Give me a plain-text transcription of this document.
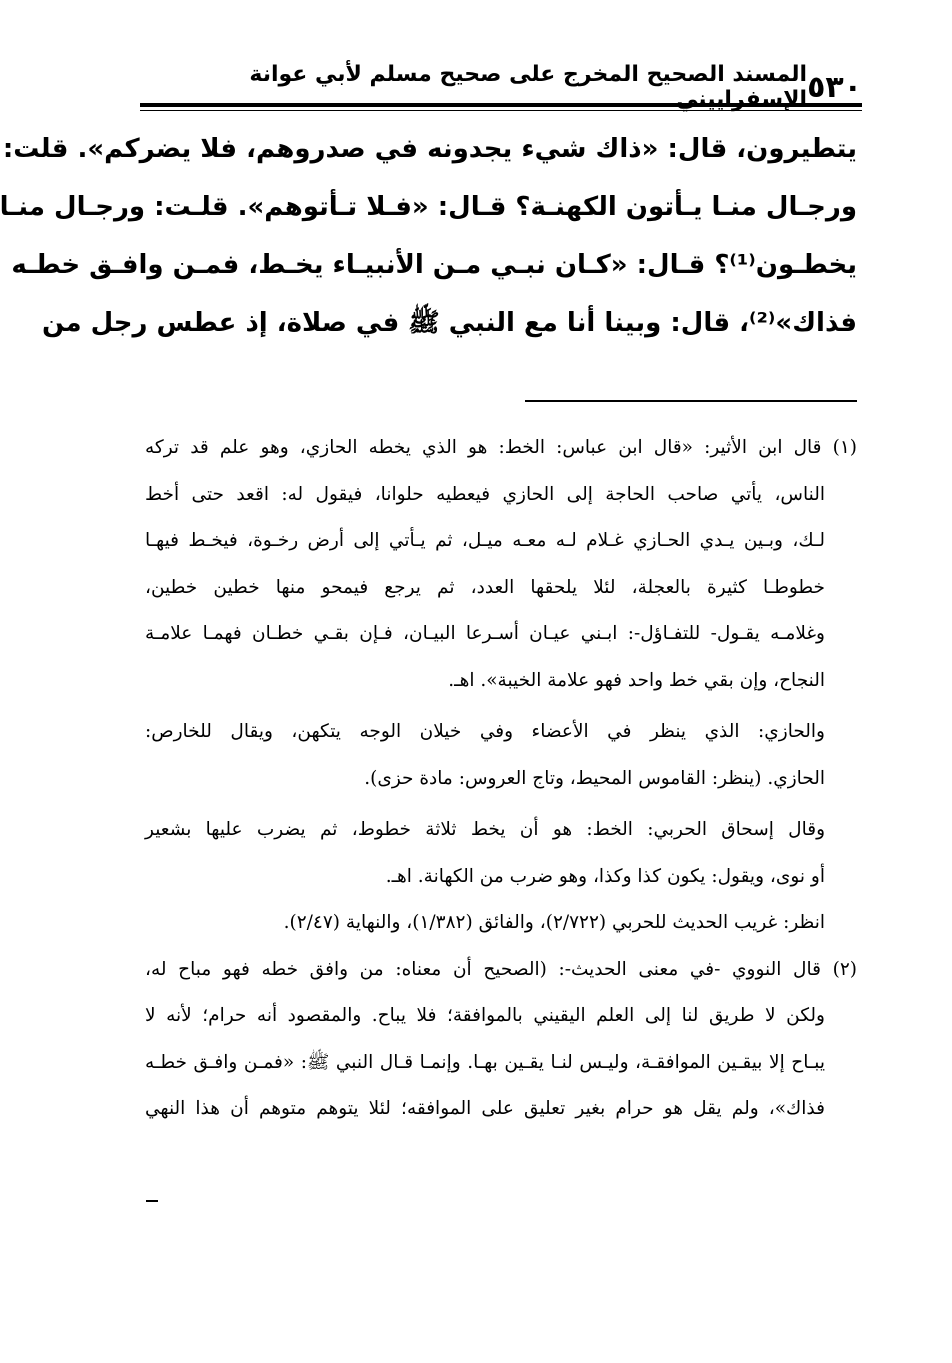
٥٣٠
المسند الصحيح المخرج على صحيح مسلم لأبي عوانة الإسفراييني
يتطيرون، قال: «ذاك شيء يجدونه في صدروهم، فلا يضركم». قلت:
ورجـال منـا يـأتون الكهنـة؟ قـال: «فـلا تـأتوهم». قلـت: ورجـال منـا
يخطـون⁽¹⁾؟ قـال: «كـان نبـي مـن الأنبيـاء يخـط، فمـن وافـق خطـه
فذاك»⁽²⁾، قال: وبينا أنا مع النبي ﷺ في صلاة، إذ عطس رجل من
(١) قال ابن الأثير: «قال ابن عباس: الخط: هو الذي يخطه الحازي، وهو علم قد تركه
الناس، يأتي صاحب الحاجة إلى الحازي فيعطيه حلوانا، فيقول له: اقعد حتى أخط
لـك، وبـين يـدي الحـازي غـلام لـه معـه ميـل، ثم يـأتي إلى أرض رخـوة، فيخـط فيهـا
خطوطـا كثيرة بالعجلة، لئلا يلحقها العدد، ثم يرجع فيمحو منها خطين خطين،
وغلامـه يقـول- للتفـاؤل-: ابـني عيـان أسـرعا البيـان، فـإن بقـي خطـان فهمـا علامـة
النجاح، وإن بقي خط واحد فهو علامة الخيبة». اهـ.
والحازي: الذي ينظر في الأعضاء وفي خيلان الوجه يتكهن، ويقال للخارص:
الحازي. (ينظر: القاموس المحيط، وتاج العروس: مادة حزى).
وقال إسحاق الحربي: الخط: هو أن يخط ثلاثة خطوط، ثم يضرب عليها بشعير
أو نوى، ويقول: يكون كذا وكذا، وهو ضرب من الكهانة. اهـ.
انظر: غريب الحديث للحربي (٢/٧٢٢)، والفائق (١/٣٨٢)، والنهاية (٢/٤٧).
(٢) قال النووي -في معنى الحديث-: (الصحيح أن معناه: من وافق خطه فهو مباح له،
ولكن لا طريق لنا إلى العلم اليقيني بالموافقة؛ فلا يباح. والمقصود أنه حرام؛ لأنه لا
يبـاح إلا بيقـين الموافقـة، وليـس لنـا يقـين بهـا. وإنمـا قـال النبي ﷺ: «فمـن وافـق خطـه
فذاك»، ولم يقل هو حرام بغير تعليق على الموافقه؛ لئلا يتوهم متوهم أن هذا النهي
